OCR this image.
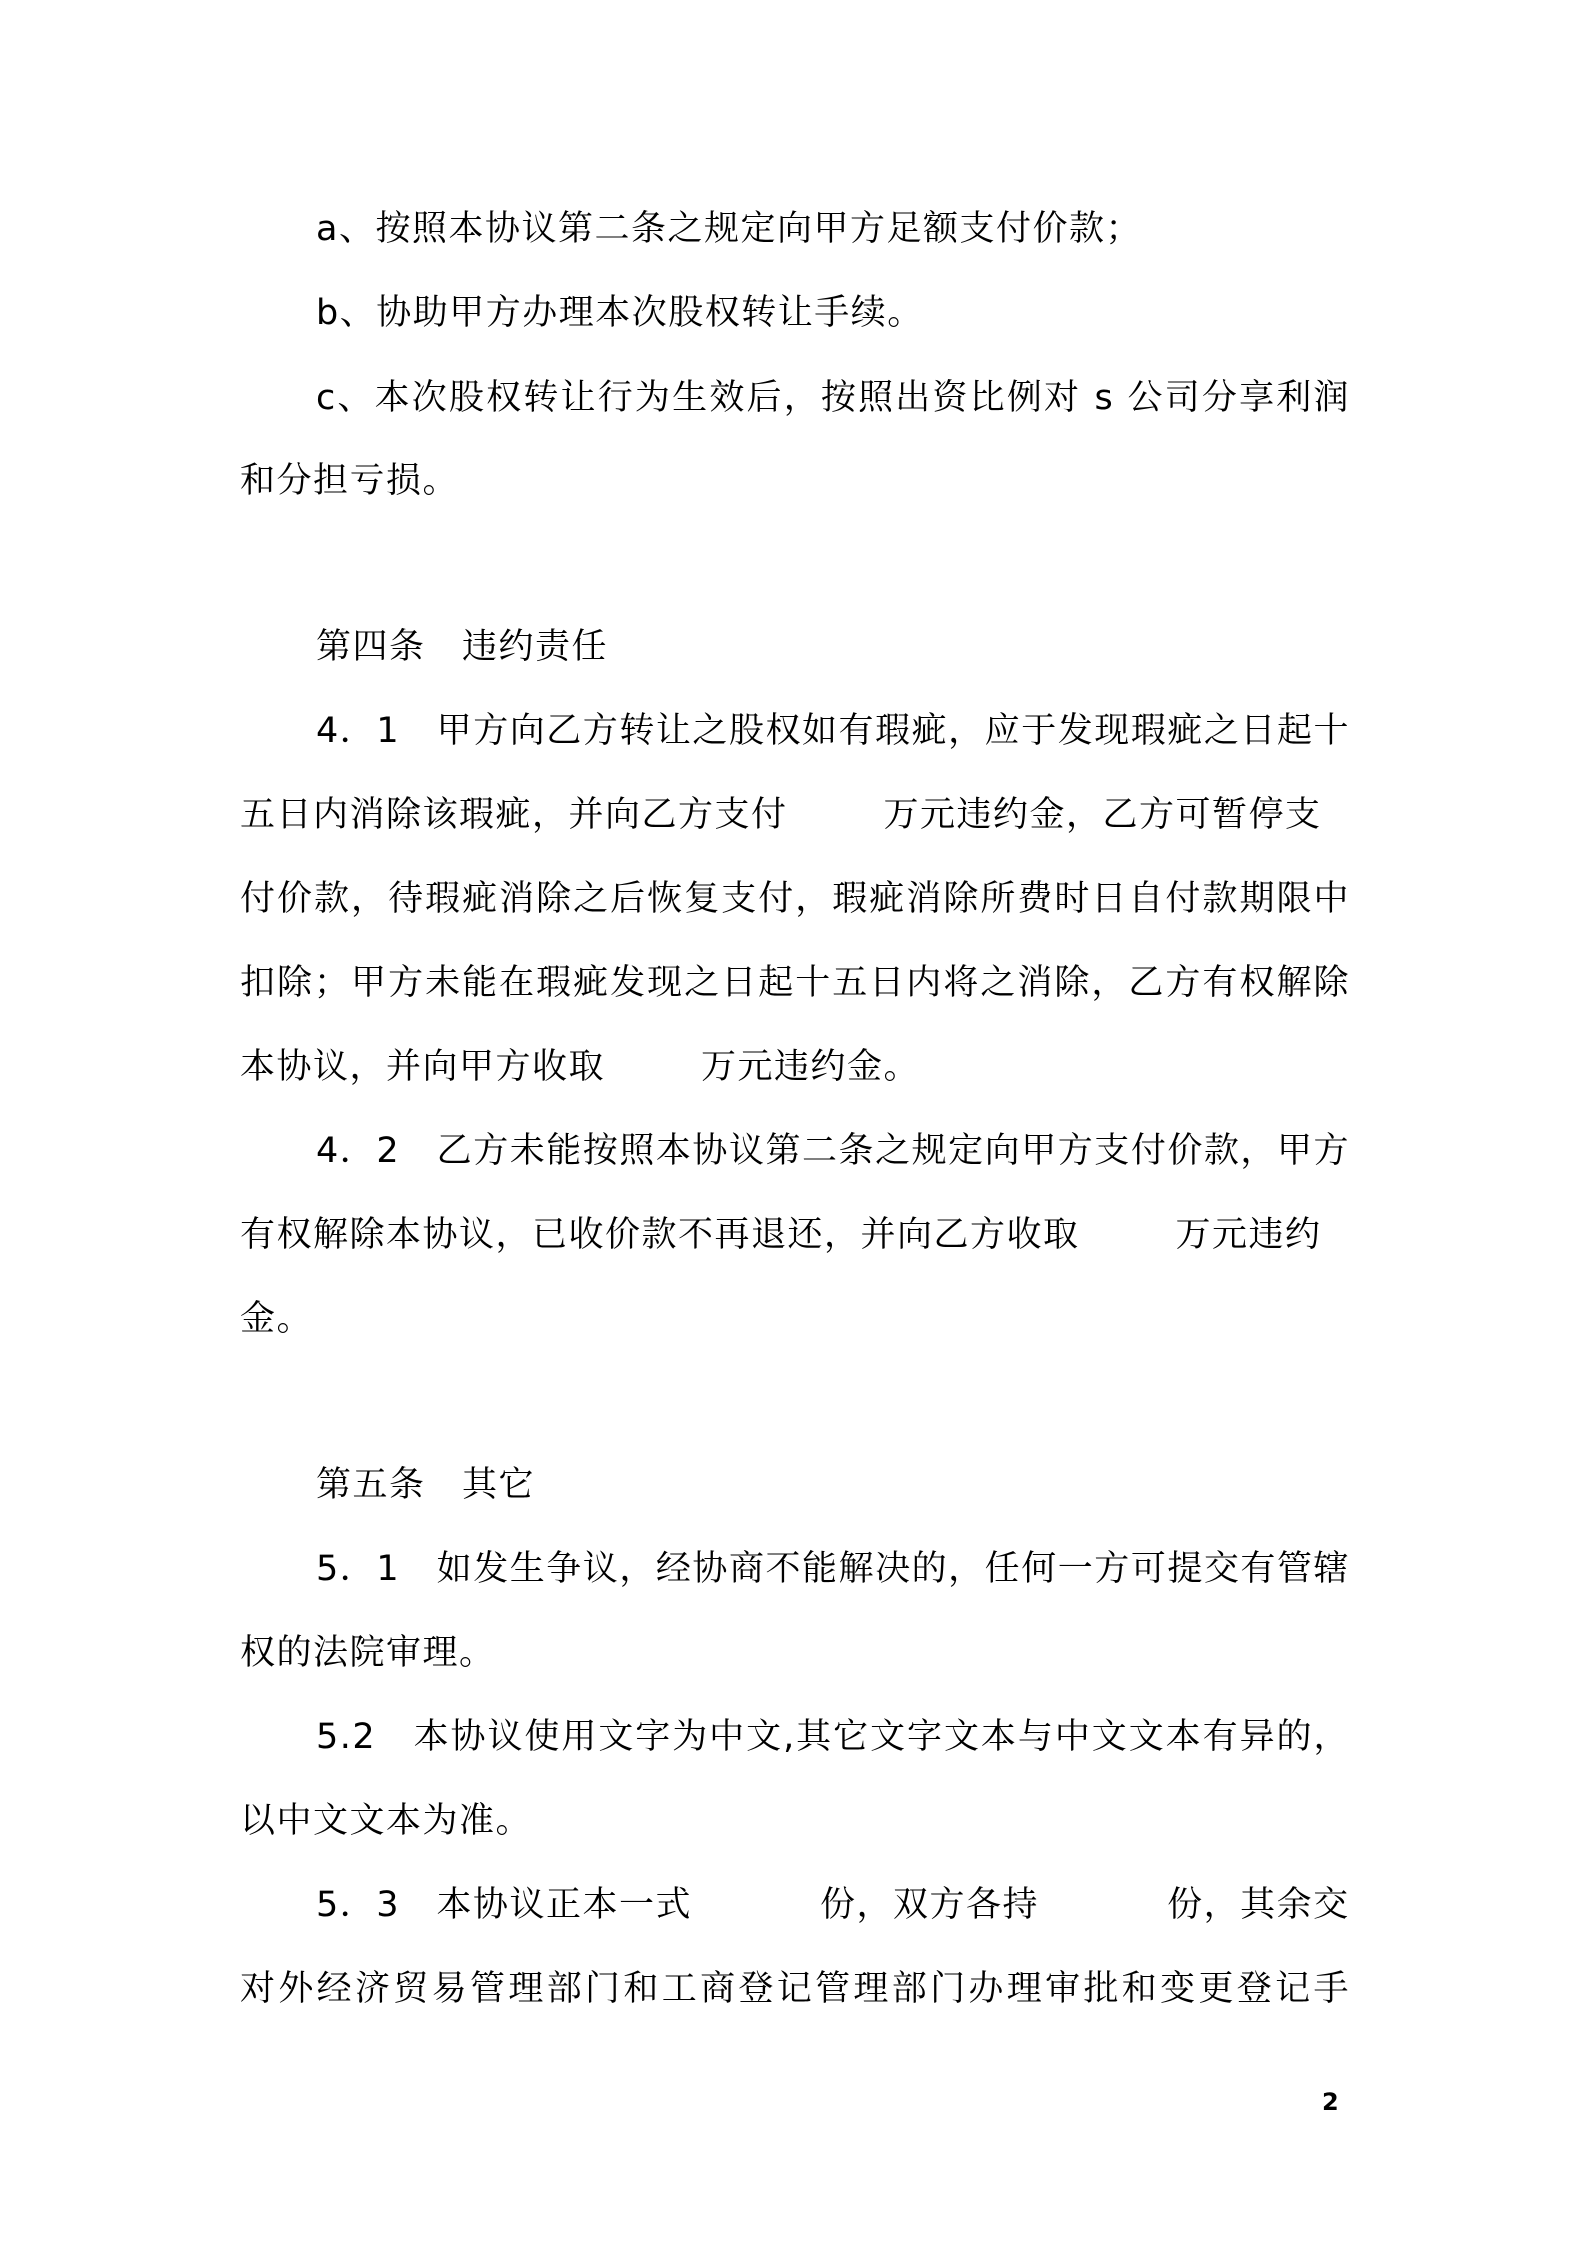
a、按照本协议第二条之规定向甲方足额支付价款；
b、协助甲方办理本次股权转让手续。
c、本次股权转让行为生效后，按照出资比例对 s 公司分享利润
和分担亏损。
第四条　违约责任
4．1　甲方向乙方转让之股权如有瑕疵，应于发现瑕疵之日起十
五日内消除该瑕疵，并向乙方支付	万元违约金，乙方可暂停支
付价款，待瑕疵消除之后恢复支付，瑕疵消除所费时日自付款期限中
扣除；甲方未能在瑕疵发现之日起十五日内将之消除，乙方有权解除
本协议，并向甲方收取	万元违约金。
4．2　乙方未能按照本协议第二条之规定向甲方支付价款，甲方
有权解除本协议，已收价款不再退还，并向乙方收取	万元违约
金。
第五条　其它
5．1　如发生争议，经协商不能解决的，任何一方可提交有管辖
权的法院审理。
5.2　本协议使用文字为中文,其它文字文本与中文文本有异的，
以中文文本为准。
5．3　本协议正本一式	份，双方各持	份，其余交
对外经济贸易管理部门和工商登记管理部门办理审批和变更登记手
2
